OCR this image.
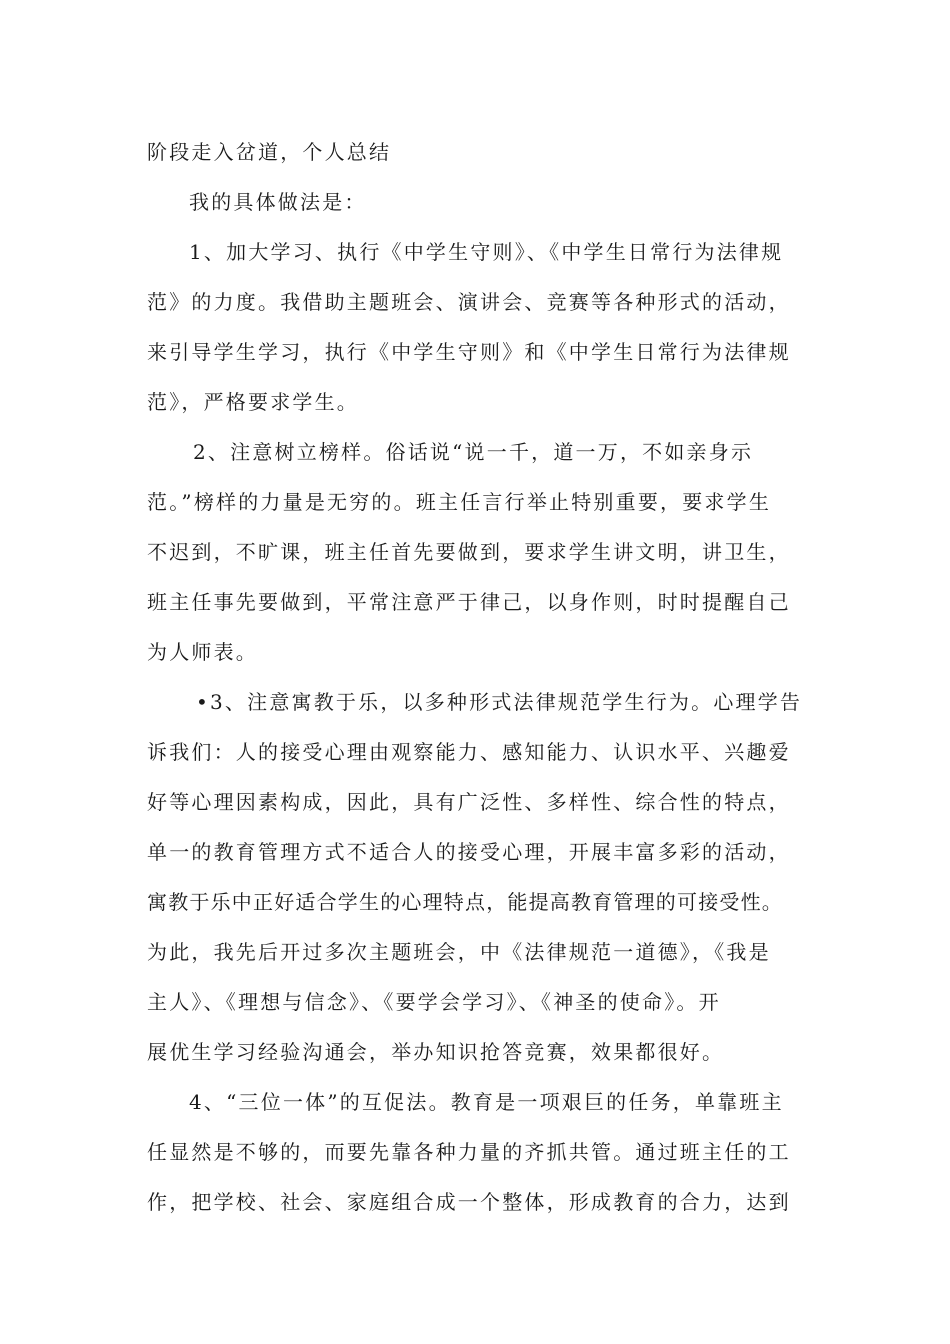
阶段走入岔道，个人总结
我的具体做法是：
1、加大学习、执行《中学生守则》、《中学生日常行为法律规
范》的力度。我借助主题班会、演讲会、竞赛等各种形式的活动，
来引导学生学习，执行《中学生守则》和《中学生日常行为法律规
范》，严格要求学生。
2、注意树立榜样。俗话说“说一千，道一万，不如亲身示
范。”榜样的力量是无穷的。班主任言行举止特别重要，要求学生
不迟到，不旷课，班主任首先要做到，要求学生讲文明，讲卫生，
班主任事先要做到，平常注意严于律己，以身作则，时时提醒自己
为人师表。
•3、注意寓教于乐，以多种形式法律规范学生行为。心理学告
诉我们：人的接受心理由观察能力、感知能力、认识水平、兴趣爱
好等心理因素构成，因此，具有广泛性、多样性、综合性的特点，
单一的教育管理方式不适合人的接受心理，开展丰富多彩的活动，
寓教于乐中正好适合学生的心理特点，能提高教育管理的可接受性。
为此，我先后开过多次主题班会，中《法律规范一道德》，《我是
主人》、《理想与信念》、《要学会学习》、《神圣的使命》。开
展优生学习经验沟通会，举办知识抢答竞赛，效果都很好。
4、“三位一体”的互促法。教育是一项艰巨的任务，单靠班主
任显然是不够的，而要先靠各种力量的齐抓共管。通过班主任的工
作，把学校、社会、家庭组合成一个整体，形成教育的合力，达到
